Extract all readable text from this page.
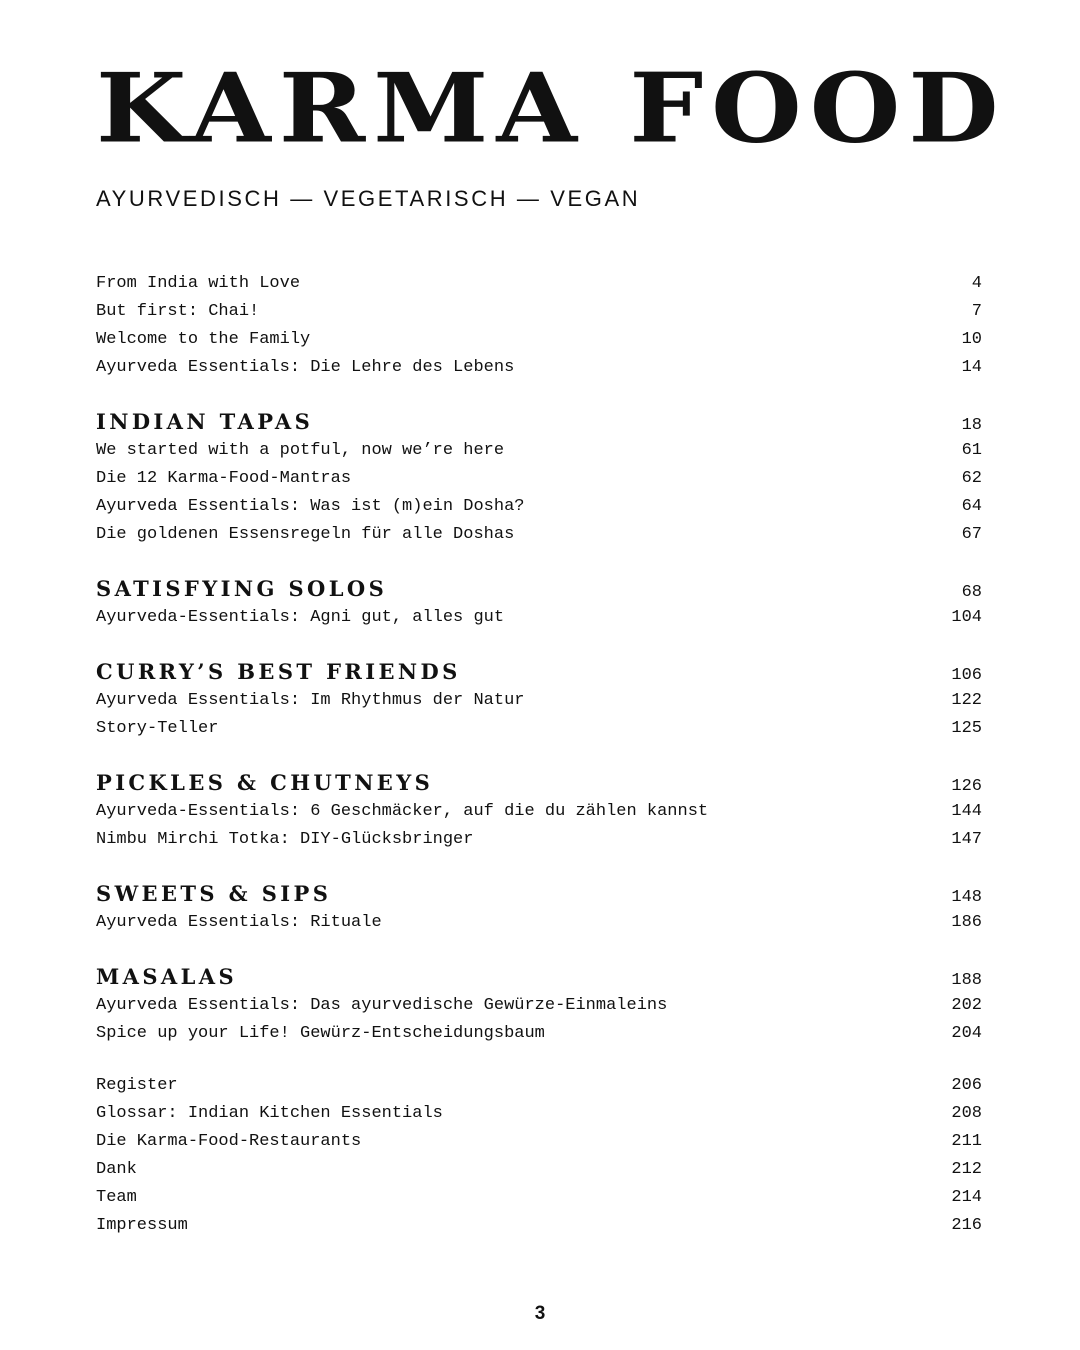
KARMA FOOD
AYURVEDISCH — VEGETARISCH — VEGAN
From India with Love	4
But first: Chai!	7
Welcome to the Family	10
Ayurveda Essentials: Die Lehre des Lebens	14
INDIAN TAPAS	18
We started with a potful, now we’re here	61
Die 12 Karma-Food-Mantras	62
Ayurveda Essentials: Was ist (m)ein Dosha?	64
Die goldenen Essensregeln für alle Doshas	67
SATISFYING SOLOS	68
Ayurveda-Essentials: Agni gut, alles gut	104
CURRY’S BEST FRIENDS	106
Ayurveda Essentials: Im Rhythmus der Natur	122
Story-Teller	125
PICKLES & CHUTNEYS	126
Ayurveda-Essentials: 6 Geschmäcker, auf die du zählen kannst	144
Nimbu Mirchi Totka: DIY-Glücksbringer	147
SWEETS & SIPS	148
Ayurveda Essentials: Rituale	186
MASALAS	188
Ayurveda Essentials: Das ayurvedische Gewürze-Einmaleins	202
Spice up your Life! Gewürz-Entscheidungsbaum	204
Register	206
Glossar: Indian Kitchen Essentials	208
Die Karma-Food-Restaurants	211
Dank	212
Team	214
Impressum	216
3
